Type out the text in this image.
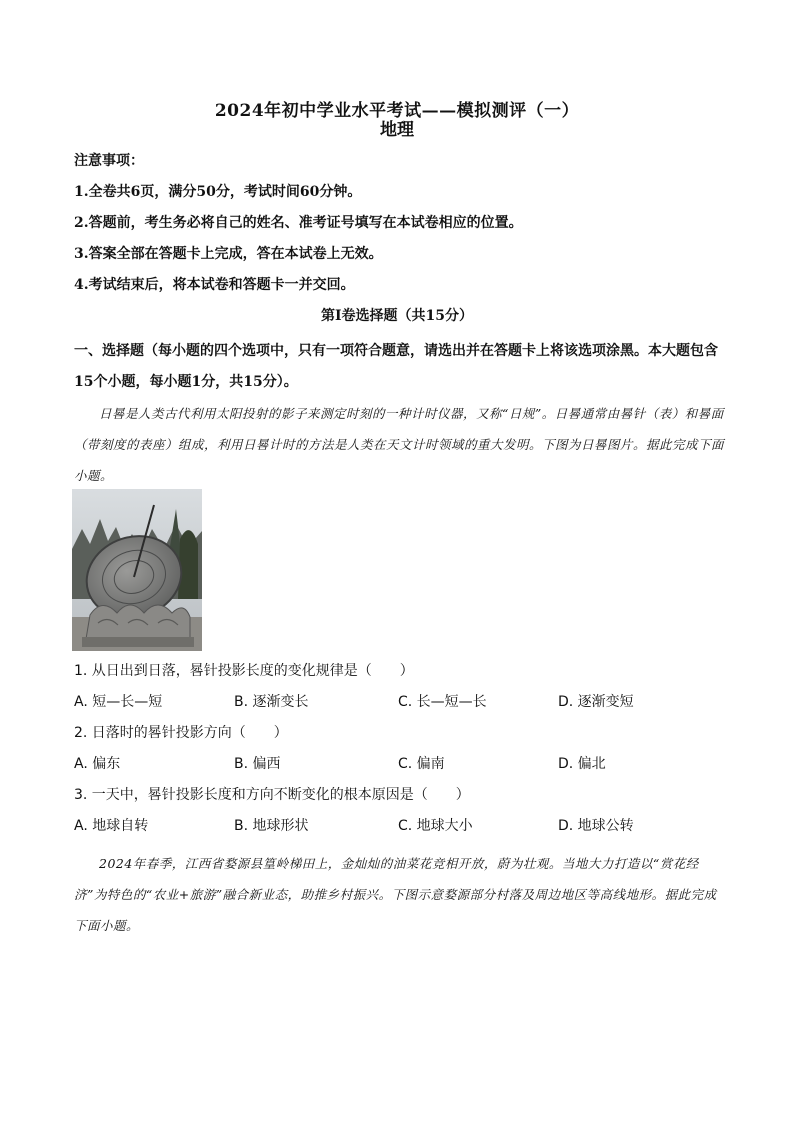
2024年初中学业水平考试——模拟测评（一）
地理
注意事项：
1.全卷共6页，满分50分，考试时间60分钟。
2.答题前，考生务必将自己的姓名、准考证号填写在本试卷相应的位置。
3.答案全部在答题卡上完成，答在本试卷上无效。
4.考试结束后，将本试卷和答题卡一并交回。
第Ⅰ卷选择题（共15分）
一、选择题（每小题的四个选项中，只有一项符合题意，请选出并在答题卡上将该选项涂黑。本大题包含15个小题，每小题1分，共15分）。
日晷是人类古代利用太阳投射的影子来测定时刻的一种计时仪器，又称“日规”。日晷通常由晷针（表）和晷面（带刻度的表座）组成，利用日晷计时的方法是人类在天文计时领域的重大发明。下图为日晷图片。据此完成下面小题。
1. 从日出到日落，晷针投影长度的变化规律是（　　）
A. 短—长—短	B. 逐渐变长	C. 长—短—长	D. 逐渐变短
2. 日落时的晷针投影方向（　　）
A. 偏东	B. 偏西	C. 偏南	D. 偏北
3. 一天中，晷针投影长度和方向不断变化的根本原因是（　　）
A. 地球自转	B. 地球形状	C. 地球大小	D. 地球公转
2024年春季，江西省婺源县篁岭梯田上，金灿灿的油菜花竞相开放，蔚为壮观。当地大力打造以“赏花经济”为特色的“农业+旅游”融合新业态，助推乡村振兴。下图示意婺源部分村落及周边地区等高线地形。据此完成下面小题。
